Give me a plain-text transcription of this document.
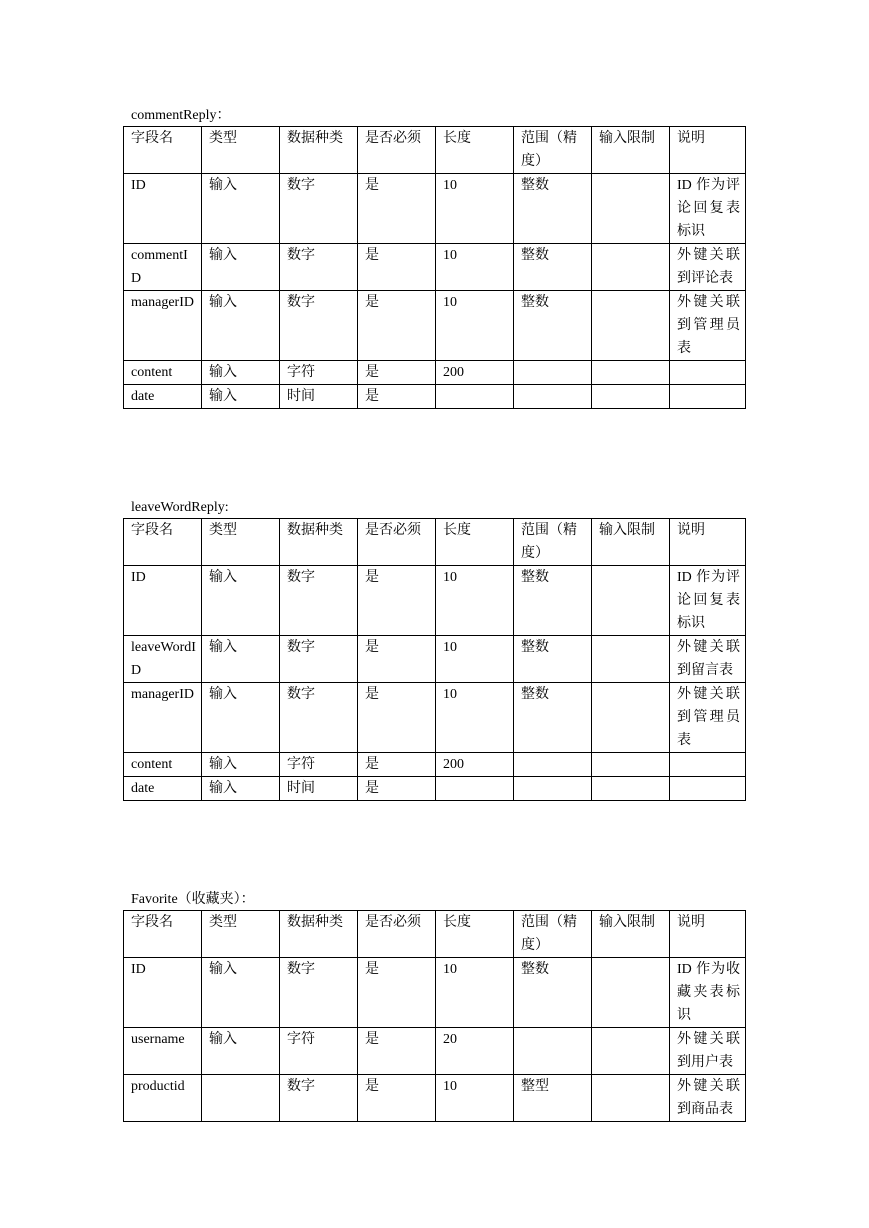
commentReply：
字段名	类型	数据种类	是否必须	长度	范围（精度）	输入限制	说明
ID	输入	数字	是	10	整数		ID 作为评论回复表标识
commentID	输入	数字	是	10	整数		外键关联到评论表
managerID	输入	数字	是	10	整数		外键关联到管理员表
content	输入	字符	是	200			
date	输入	时间	是				
leaveWordReply:
字段名	类型	数据种类	是否必须	长度	范围（精度）	输入限制	说明
ID	输入	数字	是	10	整数		ID 作为评论回复表标识
leaveWordID	输入	数字	是	10	整数		外键关联到留言表
managerID	输入	数字	是	10	整数		外键关联到管理员表
content	输入	字符	是	200			
date	输入	时间	是				
Favorite（收藏夹）：
字段名	类型	数据种类	是否必须	长度	范围（精度）	输入限制	说明
ID	输入	数字	是	10	整数		ID 作为收藏夹表标识
username	输入	字符	是	20			外键关联到用户表
productid		数字	是	10	整型		外键关联到商品表
